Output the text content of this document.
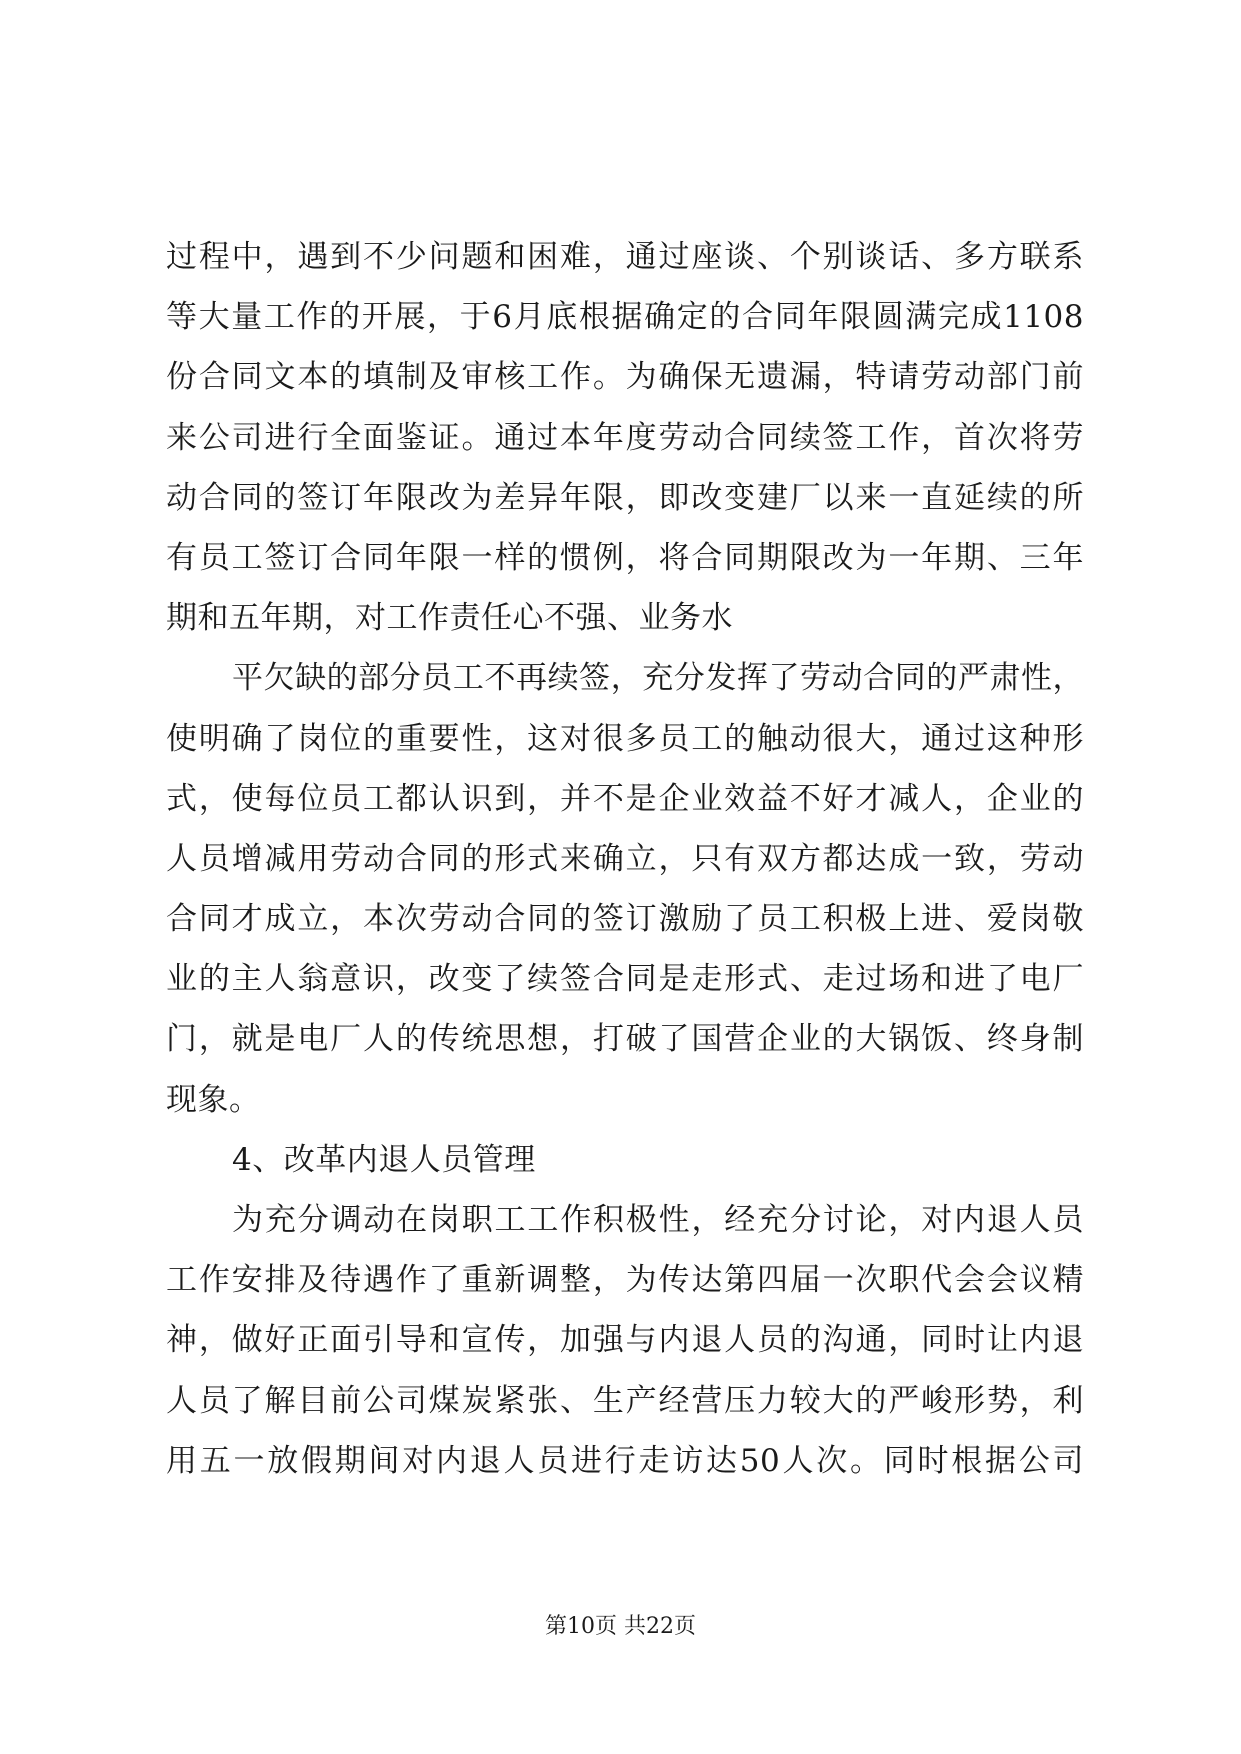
过程中，遇到不少问题和困难，通过座谈、个别谈话、多方联系
等大量工作的开展，于6月底根据确定的合同年限圆满完成1108
份合同文本的填制及审核工作。为确保无遗漏，特请劳动部门前
来公司进行全面鉴证。通过本年度劳动合同续签工作，首次将劳
动合同的签订年限改为差异年限，即改变建厂以来一直延续的所
有员工签订合同年限一样的惯例，将合同期限改为一年期、三年
期和五年期，对工作责任心不强、业务水
平欠缺的部分员工不再续签，充分发挥了劳动合同的严肃性，
使明确了岗位的重要性，这对很多员工的触动很大，通过这种形
式，使每位员工都认识到，并不是企业效益不好才减人，企业的
人员增减用劳动合同的形式来确立，只有双方都达成一致，劳动
合同才成立，本次劳动合同的签订激励了员工积极上进、爱岗敬
业的主人翁意识，改变了续签合同是走形式、走过场和进了电厂
门，就是电厂人的传统思想，打破了国营企业的大锅饭、终身制
现象。
4、改革内退人员管理
为充分调动在岗职工工作积极性，经充分讨论，对内退人员
工作安排及待遇作了重新调整，为传达第四届一次职代会会议精
神，做好正面引导和宣传，加强与内退人员的沟通，同时让内退
人员了解目前公司煤炭紧张、生产经营压力较大的严峻形势，利
用五一放假期间对内退人员进行走访达50人次。同时根据公司
第10页 共22页
